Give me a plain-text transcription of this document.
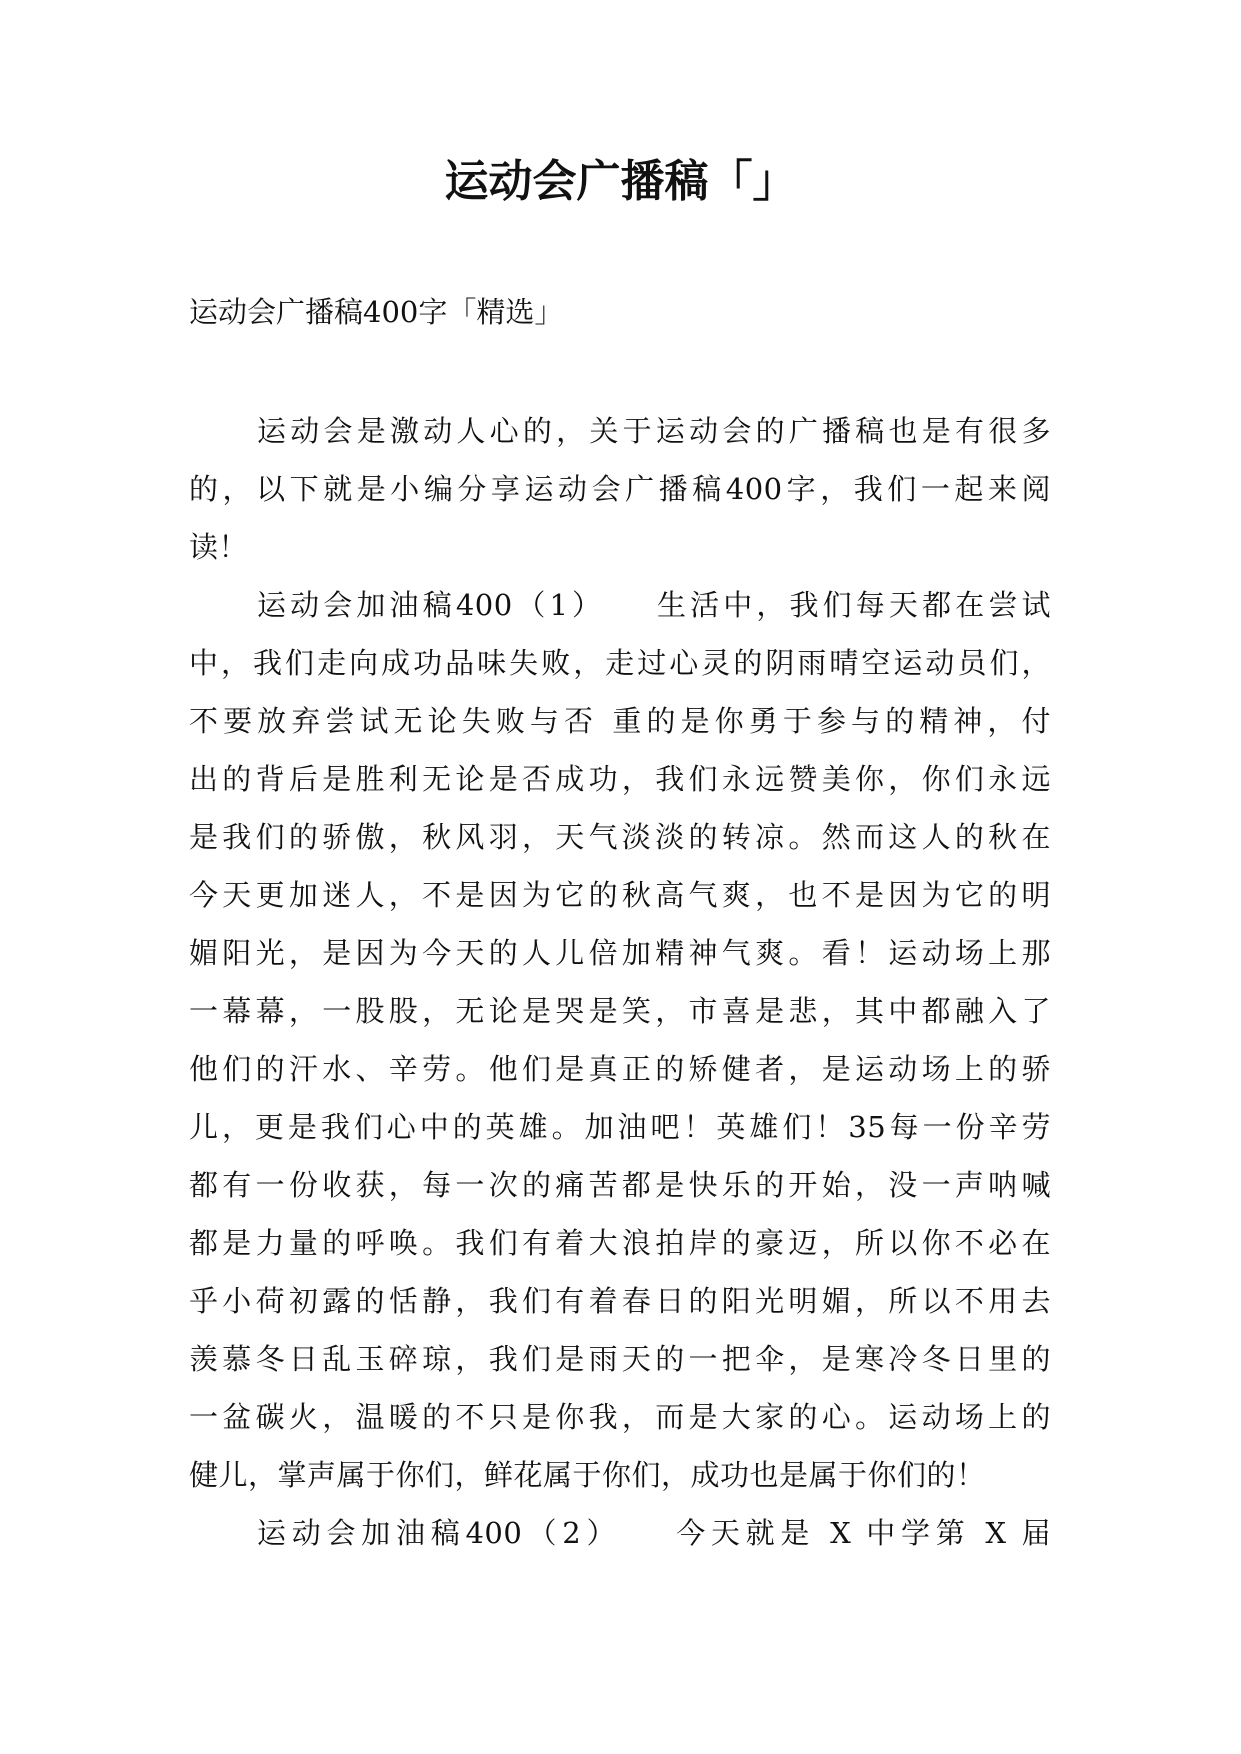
运动会广播稿「」

运动会广播稿400字「精选」

运动会是激动人心的，关于运动会的广播稿也是有很多
的，以下就是小编分享运动会广播稿400字，我们一起来阅
读！
运动会加油稿400（1）　　生活中，我们每天都在尝试
中，我们走向成功品味失败，走过心灵的阴雨晴空运动员们，
不要放弃尝试无论失败与否 重的是你勇于参与的精神，付
出的背后是胜利无论是否成功，我们永远赞美你，你们永远
是我们的骄傲，秋风羽，天气淡淡的转凉。然而这人的秋在
今天更加迷人，不是因为它的秋高气爽，也不是因为它的明
媚阳光，是因为今天的人儿倍加精神气爽。看！运动场上那
一幕幕，一股股，无论是哭是笑，市喜是悲，其中都融入了
他们的汗水、辛劳。他们是真正的矫健者，是运动场上的骄
儿，更是我们心中的英雄。加油吧！英雄们！35每一份辛劳
都有一份收获，每一次的痛苦都是快乐的开始，没一声呐喊
都是力量的呼唤。我们有着大浪拍岸的豪迈，所以你不必在
乎小荷初露的恬静，我们有着春日的阳光明媚，所以不用去
羡慕冬日乱玉碎琼，我们是雨天的一把伞，是寒冷冬日里的
一盆碳火，温暖的不只是你我，而是大家的心。运动场上的
健儿，掌声属于你们，鲜花属于你们，成功也是属于你们的！
运动会加油稿400（2）　　今天就是 X 中学第 X 届
